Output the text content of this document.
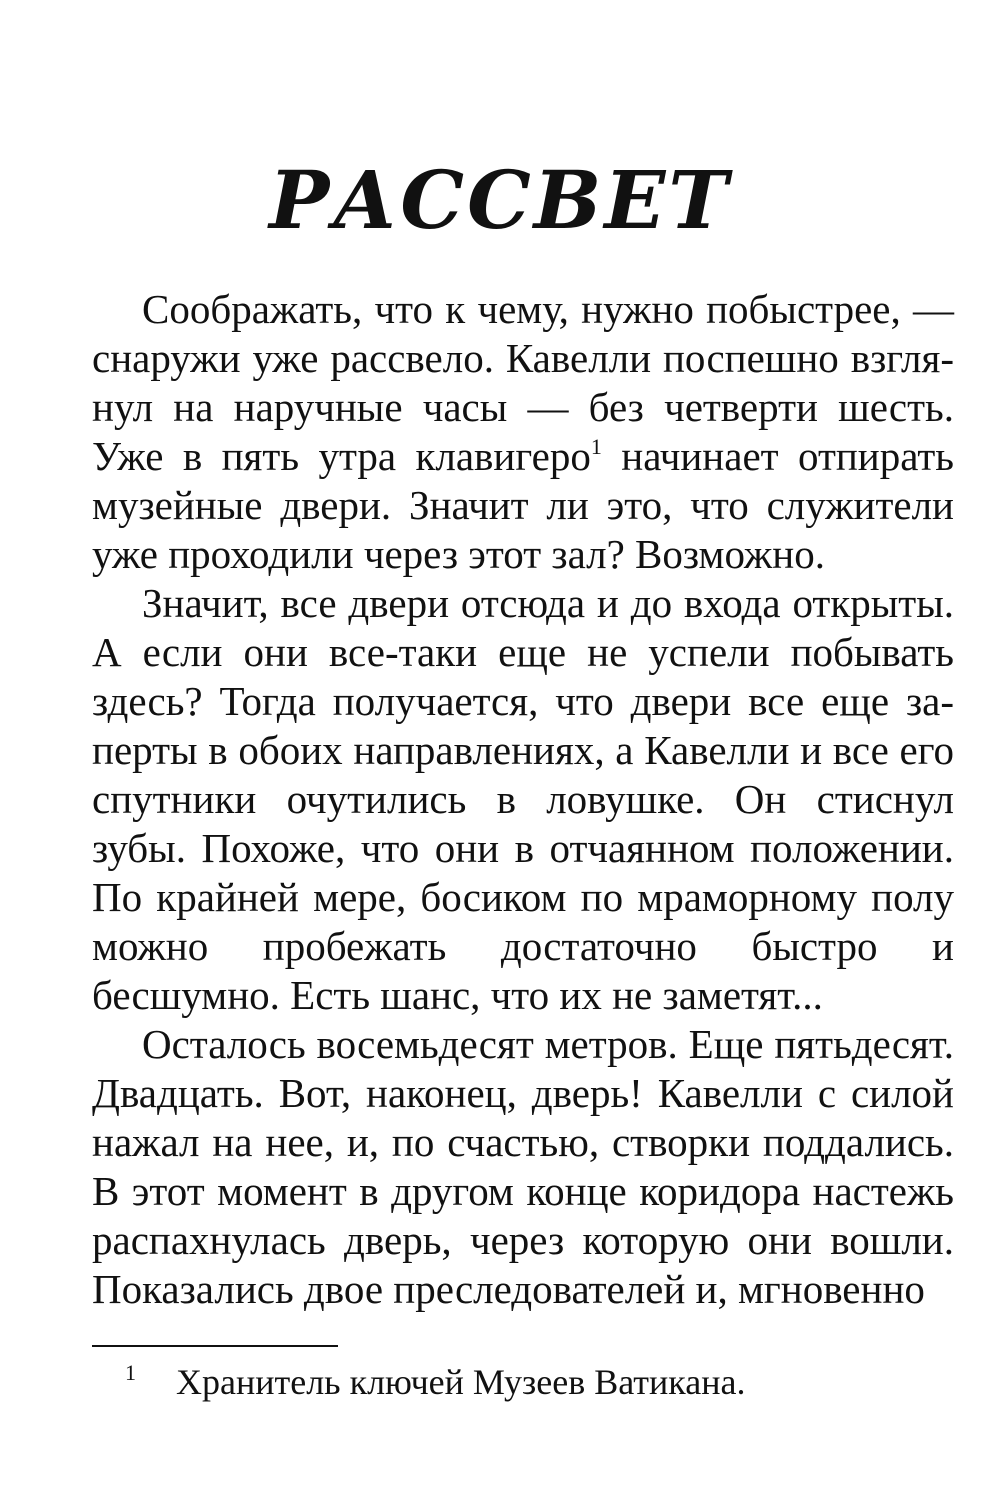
РАССВЕТ

Соображать, что к чему, нужно побыстрее, — снаружи уже рассвело. Кавелли поспешно взглянул на наручные часы — без четверти шесть. Уже в пять утра клавигеро$^1$ начинает отпирать музейные двери. Значит ли это, что служители уже проходили через этот зал? Возможно.

Значит, все двери отсюда и до входа открыты. А если они все-таки еще не успели побывать здесь? Тогда получается, что двери все еще заперты в обоих направлениях, а Кавелли и все его спутники очутились в ловушке. Он стиснул зубы. Похоже, что они в отчаянном положении. По крайней мере, босиком по мраморному полу можно пробежать достаточно быстро и бесшумно. Есть шанс, что их не заметят...

Осталось восемьдесят метров. Еще пятьдесят. Двадцать. Вот, наконец, дверь! Кавелли с силой нажал на нее, и, по счастью, створки поддались. В этот момент в другом конце коридора настежь распахнулась дверь, через которую они вошли. Показались двое преследователей и, мгновенно

1 Хранитель ключей Музеев Ватикана.
